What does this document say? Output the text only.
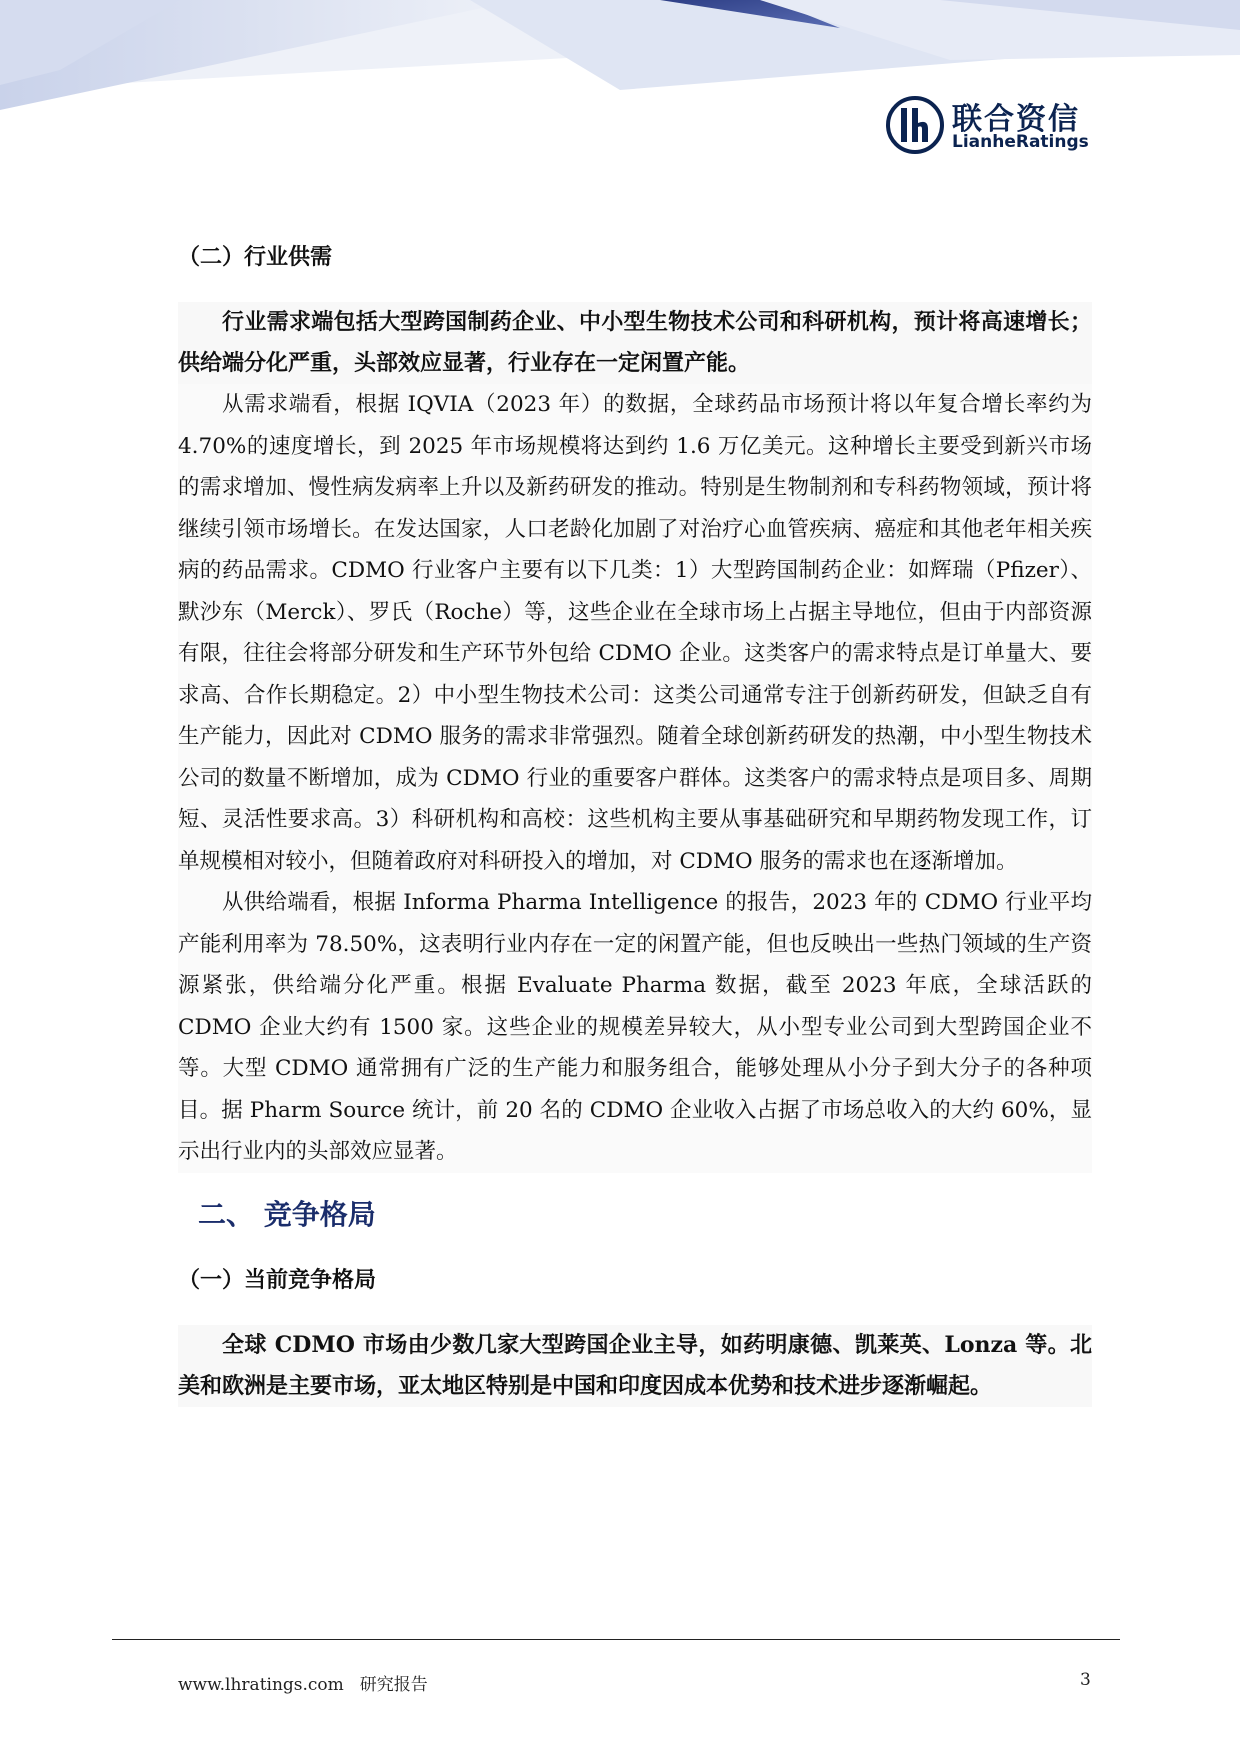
联合资信
LianheRatings
（二）行业供需

行业需求端包括大型跨国制药企业、中小型生物技术公司和科研机构，预计将高速增长；供给端分化严重，头部效应显著，行业存在一定闲置产能。

从需求端看，根据 IQVIA（2023 年）的数据，全球药品市场预计将以年复合增长率约为 4.70%的速度增长，到 2025 年市场规模将达到约 1.6 万亿美元。这种增长主要受到新兴市场的需求增加、慢性病发病率上升以及新药研发的推动。特别是生物制剂和专科药物领域，预计将继续引领市场增长。在发达国家，人口老龄化加剧了对治疗心血管疾病、癌症和其他老年相关疾病的药品需求。CDMO 行业客户主要有以下几类：1）大型跨国制药企业：如辉瑞（Pfizer）、默沙东（Merck）、罗氏（Roche）等，这些企业在全球市场上占据主导地位，但由于内部资源有限，往往会将部分研发和生产环节外包给 CDMO 企业。这类客户的需求特点是订单量大、要求高、合作长期稳定。2）中小型生物技术公司：这类公司通常专注于创新药研发，但缺乏自有生产能力，因此对 CDMO 服务的需求非常强烈。随着全球创新药研发的热潮，中小型生物技术公司的数量不断增加，成为 CDMO 行业的重要客户群体。这类客户的需求特点是项目多、周期短、灵活性要求高。3）科研机构和高校：这些机构主要从事基础研究和早期药物发现工作，订单规模相对较小，但随着政府对科研投入的增加，对 CDMO 服务的需求也在逐渐增加。

从供给端看，根据 Informa Pharma Intelligence 的报告，2023 年的 CDMO 行业平均产能利用率为 78.50%，这表明行业内存在一定的闲置产能，但也反映出一些热门领域的生产资源紧张，供给端分化严重。根据 Evaluate Pharma 数据，截至 2023 年底，全球活跃的 CDMO 企业大约有 1500 家。这些企业的规模差异较大，从小型专业公司到大型跨国企业不等。大型 CDMO 通常拥有广泛的生产能力和服务组合，能够处理从小分子到大分子的各种项目。据 Pharm Source 统计，前 20 名的 CDMO 企业收入占据了市场总收入的大约 60%，显示出行业内的头部效应显著。

二、 竞争格局
（一）当前竞争格局

全球 CDMO 市场由少数几家大型跨国企业主导，如药明康德、凯莱英、Lonza 等。北美和欧洲是主要市场，亚太地区特别是中国和印度因成本优势和技术进步逐渐崛起。

www.lhratings.com 研究报告	3
